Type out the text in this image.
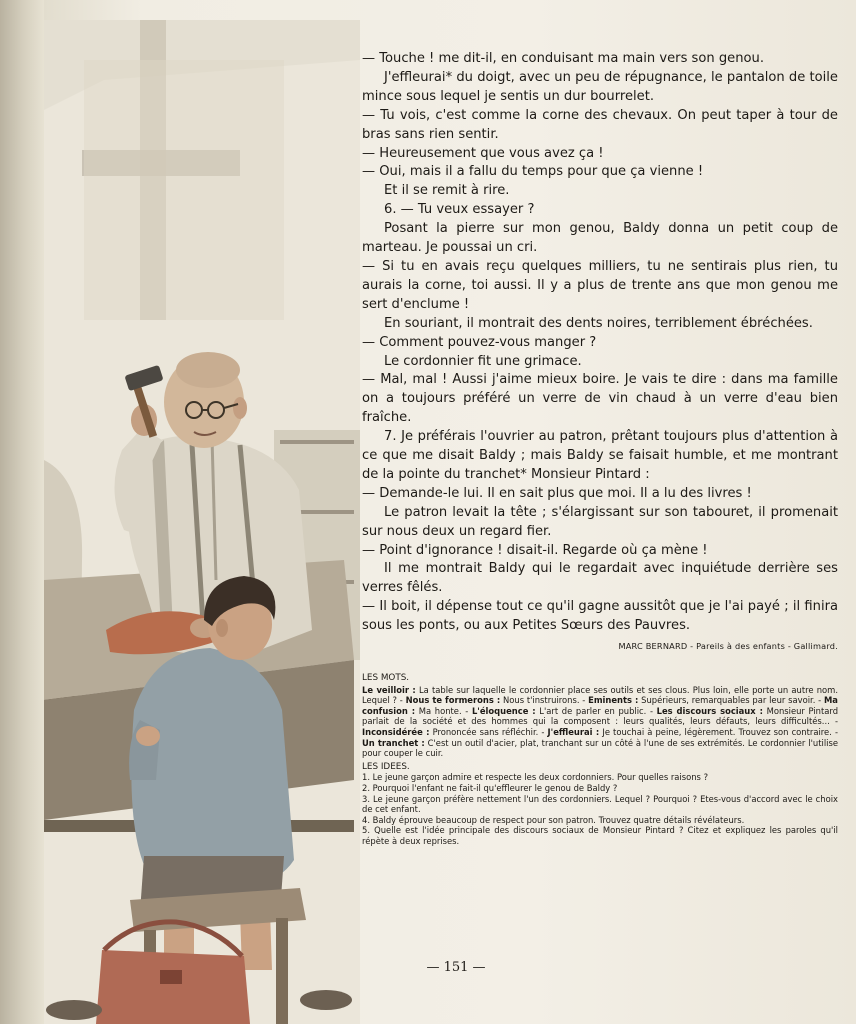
— Touche ! me dit-il, en conduisant ma main vers son genou.

J'effleurai* du doigt, avec un peu de répugnance, le pantalon de toile mince sous lequel je sentis un dur bourrelet.

— Tu vois, c'est comme la corne des chevaux. On peut taper à tour de bras sans rien sentir.

— Heureusement que vous avez ça !

— Oui, mais il a fallu du temps pour que ça vienne !

Et il se remit à rire.

6. — Tu veux essayer ?

Posant la pierre sur mon genou, Baldy donna un petit coup de marteau. Je poussai un cri.

— Si tu en avais reçu quelques milliers, tu ne sentirais plus rien, tu aurais la corne, toi aussi. Il y a plus de trente ans que mon genou me sert d'enclume !

En souriant, il montrait des dents noires, terriblement ébréchées.

— Comment pouvez-vous manger ?

Le cordonnier fit une grimace.

— Mal, mal ! Aussi j'aime mieux boire. Je vais te dire : dans ma famille on a toujours préféré un verre de vin chaud à un verre d'eau bien fraîche.

7. Je préférais l'ouvrier au patron, prêtant toujours plus d'attention à ce que me disait Baldy ; mais Baldy se faisait humble, et me montrant de la pointe du tranchet* Monsieur Pintard :

— Demande-le lui. Il en sait plus que moi. Il a lu des livres !

Le patron levait la tête ; s'élargissant sur son tabouret, il promenait sur nous deux un regard fier.

— Point d'ignorance ! disait-il. Regarde où ça mène !

Il me montrait Baldy qui le regardait avec inquiétude derrière ses verres fêlés.

— Il boit, il dépense tout ce qu'il gagne aussitôt que je l'ai payé ; il finira sous les ponts, ou aux Petites Sœurs des Pauvres.

MARC BERNARD - Pareils à des enfants - Gallimard.
LES MOTS.
Le veilloir : La table sur laquelle le cordonnier place ses outils et ses clous. Plus loin, elle porte un autre nom. Lequel ? - Nous te formerons : Nous t'instruirons. - Eminents : Supérieurs, remarquables par leur savoir. - Ma confusion : Ma honte. - L'éloquence : L'art de parler en public. - Les discours sociaux : Monsieur Pintard parlait de la société et des hommes qui la composent : leurs qualités, leurs défauts, leurs difficultés... - Inconsidérée : Prononcée sans réfléchir. - J'effleurai : Je touchai à peine, légèrement. Trouvez son contraire. - Un tranchet : C'est un outil d'acier, plat, tranchant sur un côté à l'une de ses extrémités. Le cordonnier l'utilise pour couper le cuir.
LES IDEES.
1. Le jeune garçon admire et respecte les deux cordonniers. Pour quelles raisons ?
2. Pourquoi l'enfant ne fait-il qu'effleurer le genou de Baldy ?
3. Le jeune garçon préfère nettement l'un des cordonniers. Lequel ? Pourquoi ? Etes-vous d'accord avec le choix de cet enfant.
4. Baldy éprouve beaucoup de respect pour son patron. Trouvez quatre détails révélateurs.
5. Quelle est l'idée principale des discours sociaux de Monsieur Pintard ? Citez et expliquez les paroles qu'il répète à deux reprises.
— 151 —
